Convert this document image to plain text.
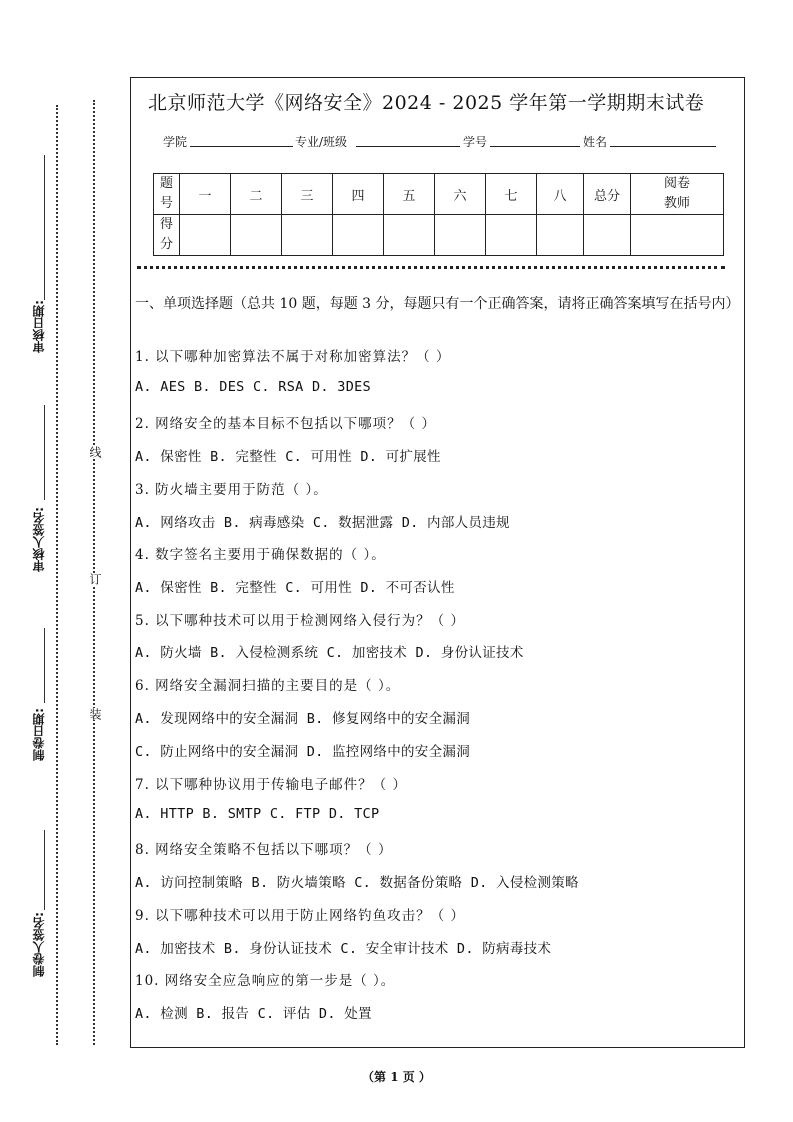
审核日期:
审核人签名:
制卷日期:
制卷人签名:
线
订
装
北京师范大学《网络安全》2024 - 2025 学年第一学期期末试卷
学院	专业/班级	学号	姓名
题号	一	二	三	四	五	六	七	八	总分	阅卷教师
得分										
一、单项选择题（总共 10 题，每题 3 分，每题只有一个正确答案，请将正确答案填写在括号内）
1. 以下哪种加密算法不属于对称加密算法？（ ）
A. AES B. DES C. RSA D. 3DES
2. 网络安全的基本目标不包括以下哪项？（ ）
A. 保密性 B. 完整性 C. 可用性 D. 可扩展性
3. 防火墙主要用于防范（ ）。
A. 网络攻击 B. 病毒感染 C. 数据泄露 D. 内部人员违规
4. 数字签名主要用于确保数据的（ ）。
A. 保密性 B. 完整性 C. 可用性 D. 不可否认性
5. 以下哪种技术可以用于检测网络入侵行为？（ ）
A. 防火墙 B. 入侵检测系统 C. 加密技术 D. 身份认证技术
6. 网络安全漏洞扫描的主要目的是（ ）。
A. 发现网络中的安全漏洞 B. 修复网络中的安全漏洞
C. 防止网络中的安全漏洞 D. 监控网络中的安全漏洞
7. 以下哪种协议用于传输电子邮件？（ ）
A. HTTP B. SMTP C. FTP D. TCP
8. 网络安全策略不包括以下哪项？（ ）
A. 访问控制策略 B. 防火墙策略 C. 数据备份策略 D. 入侵检测策略
9. 以下哪种技术可以用于防止网络钓鱼攻击？（ ）
A. 加密技术 B. 身份认证技术 C. 安全审计技术 D. 防病毒技术
10. 网络安全应急响应的第一步是（ ）。
A. 检测 B. 报告 C. 评估 D. 处置
（第 1 页 ）
